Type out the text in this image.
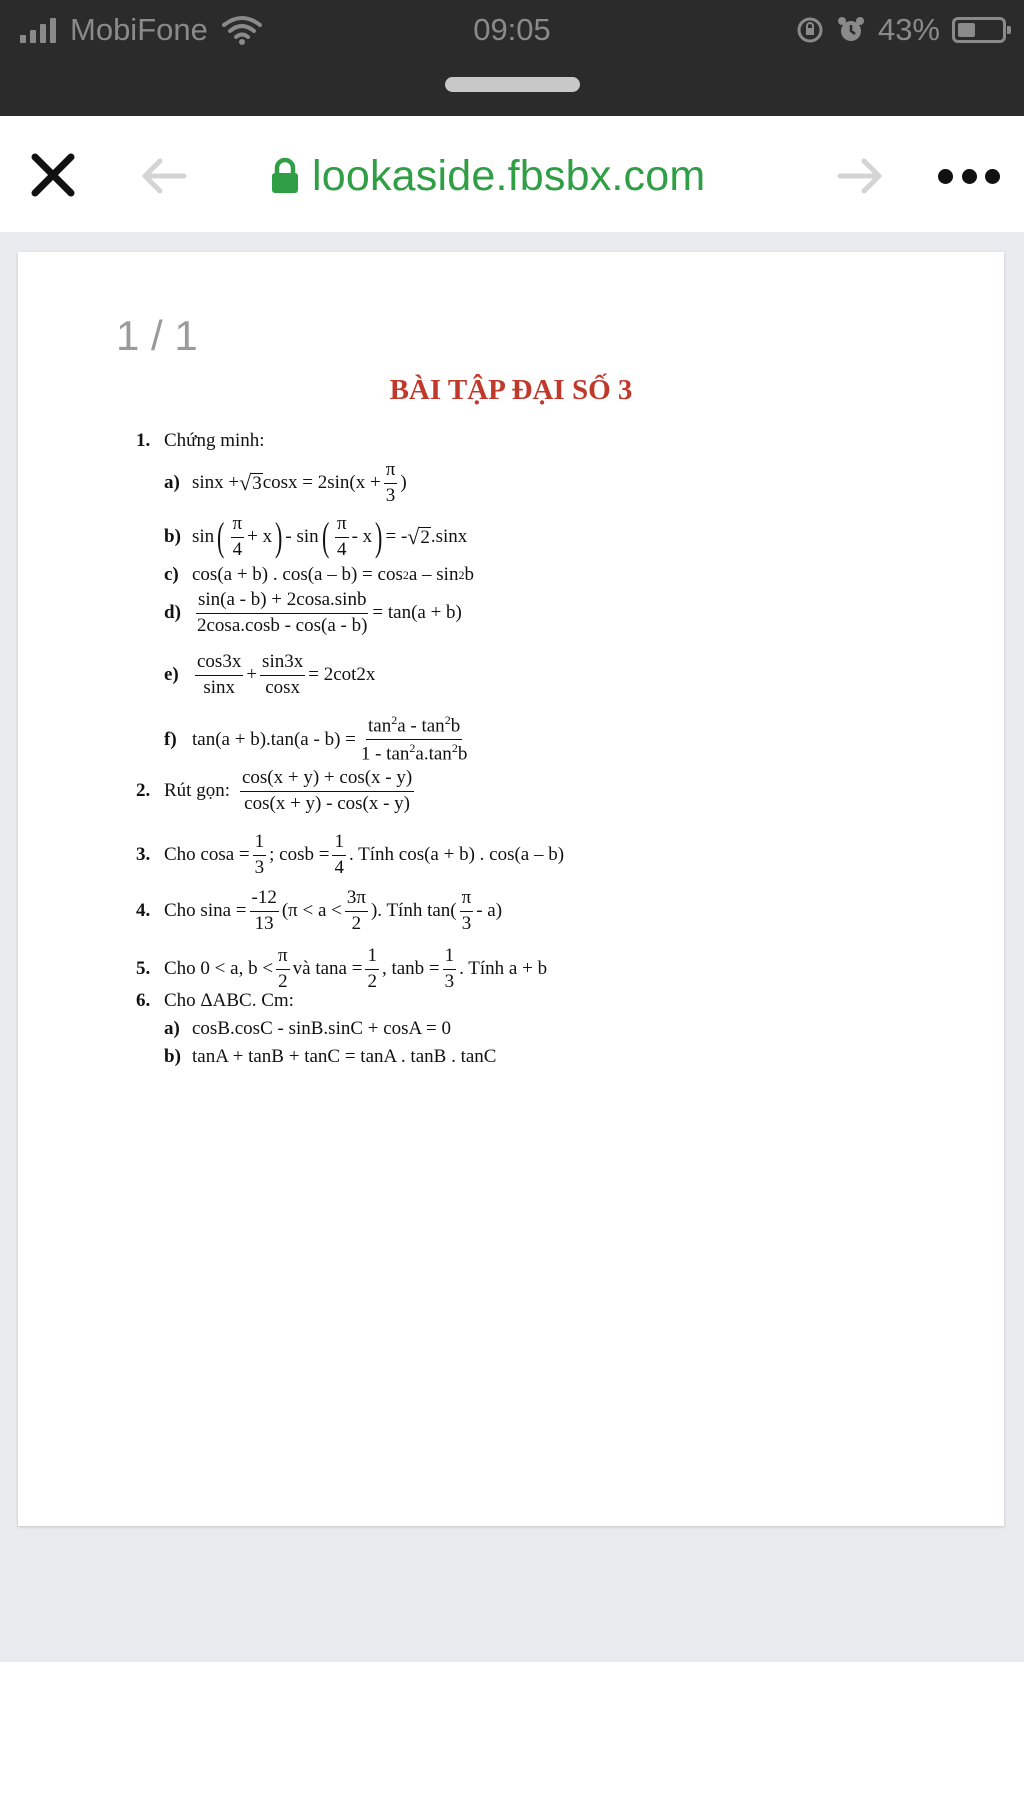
MobiFone	09:05	43%
lookaside.fbsbx.com
1 / 1
BÀI TẬP ĐẠI SỐ 3
1. Chứng minh:
a) sinx + √ 3 $\cos x = 2\sin(x + \frac{\pi}{3}$ )
b) sin ( $\frac{\pi}{4} + x$ ) - sin ( $\frac{\pi}{4}$ - x ) = - √ 2 .sinx
c) cos(a + b) . cos(a – b) = cos 2 a – sin 2 b
$d) \frac{\sin(a - b) + 2\cos a.\sin b}{2\cos a.\cos b - \cos(a - b)} = \tan(a + b)$
$e) \frac{\cos 3x}{\sin x} + \frac{\sin 3x}{\cos x} = 2\cot 2x$
f) $\tan(a + b).\tan(a - b) = \frac{\tan^2a - \tan^2b}{1 - \tan^2a.\tan^2b}$
2. Rút gọn: $\frac{\cos(x + y) + \cos(x - y)}{\cos(x + y) - \cos(x - y)}$
3. Cho $\cos a = \frac{1}{3}$ ; $\cos b = \frac{1}{4}$ . Tính cos(a + b) . cos(a – b)
4. Cho $\sin a = \frac{-12}{13} (\pi < a < \frac{3\pi}{2}$ ). Tính $\tan( \frac{\pi}{3} - a)$
5. Cho 0 < a, $b < \frac{\pi}{2}$ và $\tan a = \frac{1}{2}$ , $\tan b = \frac{1}{3}$ . Tính a + b
6. Cho ΔABC. Cm:
a) cosB.cosC - sinB.sinC + cosA = 0
b) tanA + tanB + tanC = tanA . tanB . tanC
